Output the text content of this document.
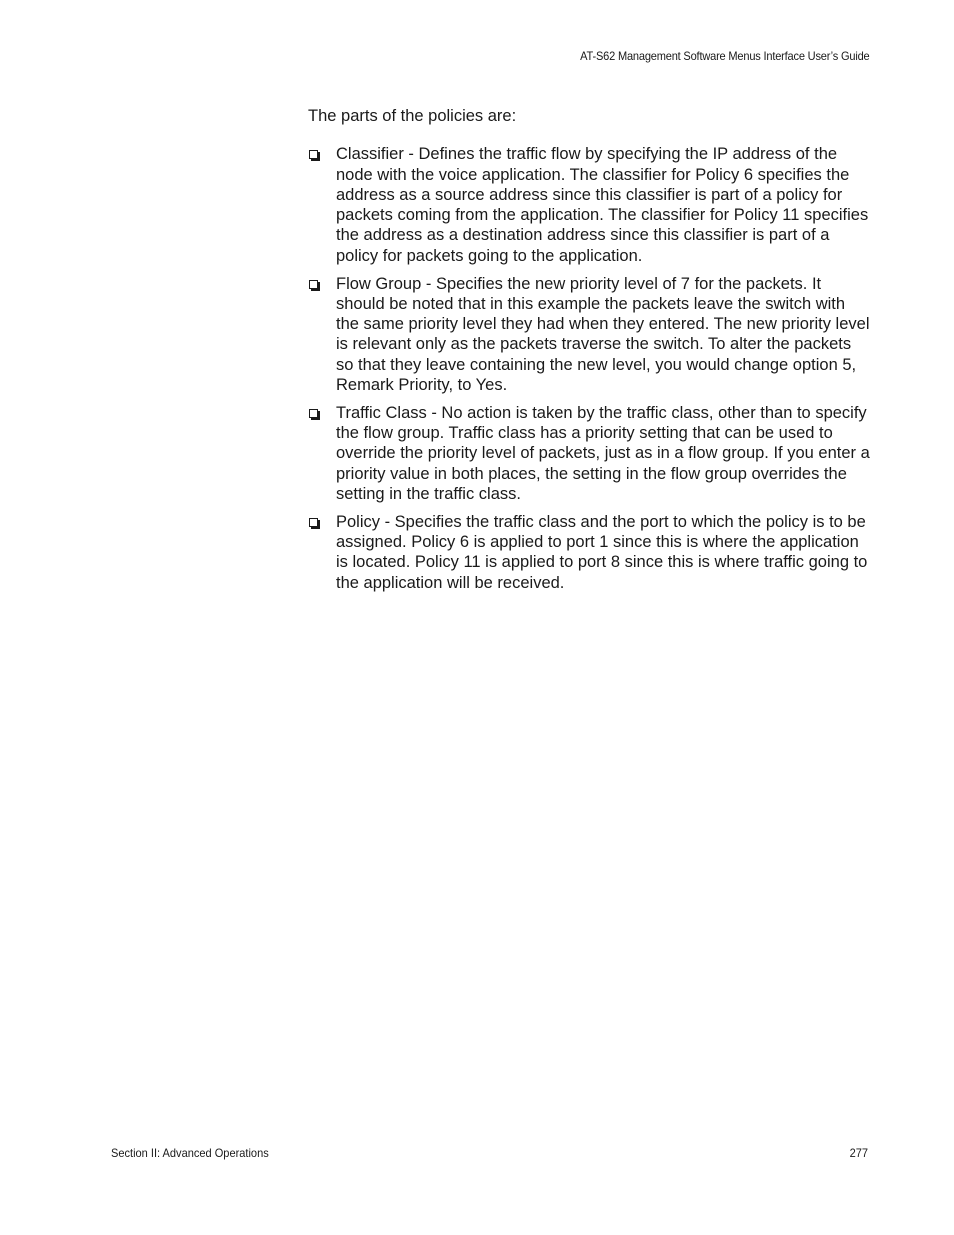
AT-S62 Management Software Menus Interface User’s Guide

The parts of the policies are:

Classifier - Defines the traffic flow by specifying the IP address of the node with the voice application. The classifier for Policy 6 specifies the address as a source address since this classifier is part of a policy for packets coming from the application. The classifier for Policy 11 specifies the address as a destination address since this classifier is part of a policy for packets going to the application.
Flow Group - Specifies the new priority level of 7 for the packets. It should be noted that in this example the packets leave the switch with the same priority level they had when they entered. The new priority level is relevant only as the packets traverse the switch. To alter the packets so that they leave containing the new level, you would change option 5, Remark Priority, to Yes.
Traffic Class - No action is taken by the traffic class, other than to specify the flow group. Traffic class has a priority setting that can be used to override the priority level of packets, just as in a flow group. If you enter a priority value in both places, the setting in the flow group overrides the setting in the traffic class.
Policy - Specifies the traffic class and the port to which the policy is to be assigned. Policy 6 is applied to port 1 since this is where the application is located. Policy 11 is applied to port 8 since this is where traffic going to the application will be received.
Section II: Advanced Operations	277
